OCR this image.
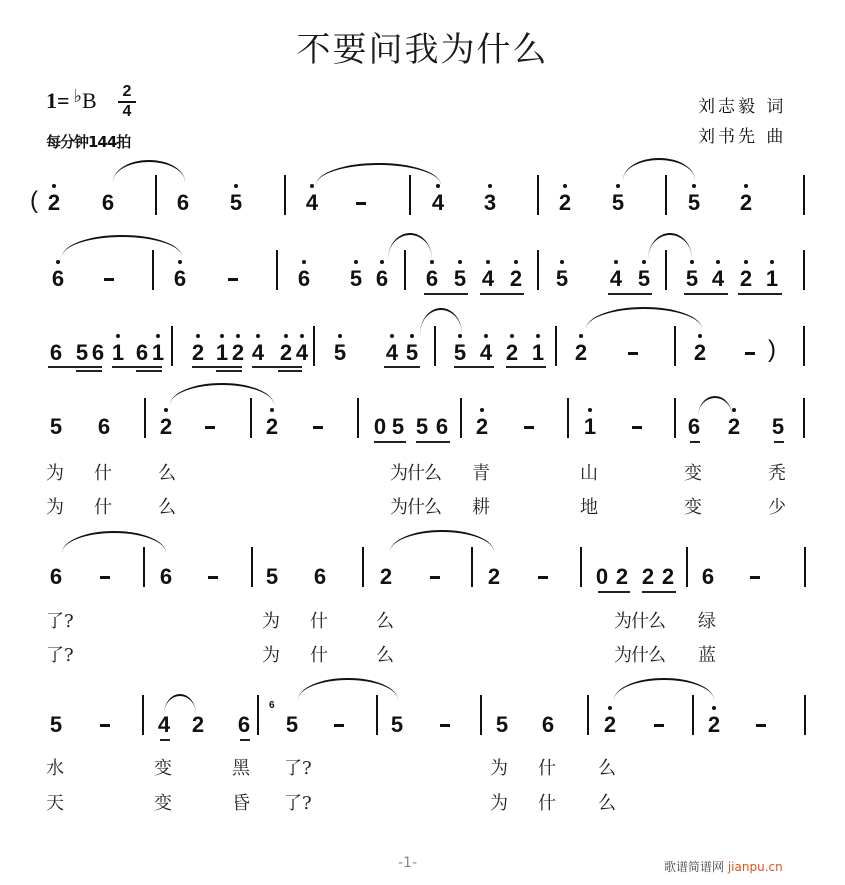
不要问我为什么
1= ♭B 2
4
每分钟144拍
刘志毅 词
刘书先 曲
( 2 6	6 5	4	4 3	2 5	5 2
6	6	6 5 6 6 5 4 2 5 4 5 5 4 2 1
6 5 6 1 6 1 2 1 2 4 2 4 5 4 5 5 4 2 1 2	2	)
5 6 2	2	0 5 5 6 2	1	6 2 5
为 什	么	为什么 青	山	变	秃
为 什	么	为什么 耕	地	变	少
6	6	5 6 2	2	0 2 2 2 6
了?	为 什	么	为什么 绿
了?	为 什	么	为什么 蓝
5	4 2 6
6
5	5	5 6 2	2
水	变	黑 了?	为 什 么
天	变	昏 了?	为 什 么
-1-	歌谱简谱网 jianpu.cn
